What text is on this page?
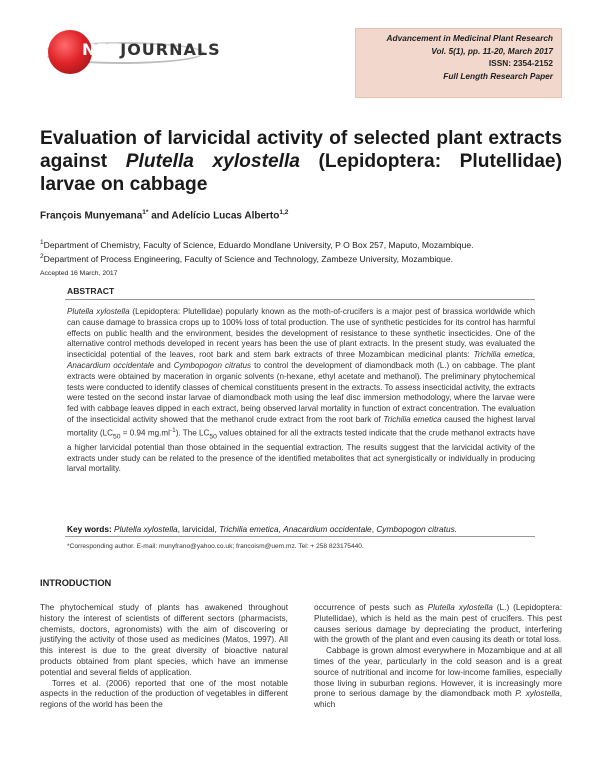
NETJOURNALS
Advancement in Medicinal Plant Research
Vol. 5(1), pp. 11-20, March 2017
ISSN: 2354-2152
Full Length Research Paper
Evaluation of larvicidal activity of selected plant extracts against Plutella xylostella (Lepidoptera: Plutellidae) larvae on cabbage
François Munyemana$^{1*}$ and Adelício Lucas Alberto$^{1,2}$
$^1$Department of Chemistry, Faculty of Science, Eduardo Mondlane University, P O Box 257, Maputo, Mozambique.
$^2$Department of Process Engineering, Faculty of Science and Technology, Zambeze University, Mozambique.
Accepted 16 March, 2017
ABSTRACT
Plutella xylostella (Lepidoptera: Plutellidae) popularly known as the moth-of-crucifers is a major pest of brassica worldwide which can cause damage to brassica crops up to 100% loss of total production. The use of synthetic pesticides for its control has harmful effects on public health and the environment, besides the development of resistance to these synthetic insecticides. One of the alternative control methods developed in recent years has been the use of plant extracts. In the present study, was evaluated the insecticidal potential of the leaves, root bark and stem bark extracts of three Mozambican medicinal plants: Trichilia emetica, Anacardium occidentale and Cymbopogon citratus to control the development of diamondback moth (L.) on cabbage. The plant extracts were obtained by maceration in organic solvents (n-hexane, ethyl acetate and methanol). The preliminary phytochemical tests were conducted to identify classes of chemical constituents present in the extracts. To assess insecticidal activity, the extracts were tested on the second instar larvae of diamondback moth using the leaf disc immersion methodology, where the larvae were fed with cabbage leaves dipped in each extract, being observed larval mortality in function of extract concentration. The evaluation of the insecticidal activity showed that the methanol crude extract from the root bark of Trichilia emetica caused the highest larval mortality ($LC_{50} = 0.94$ $mg.ml^{-1}$). The $LC_{50}$ values obtained for all the extracts tested indicate that the crude methanol extracts have a higher larvicidal potential than those obtained in the sequential extraction. The results suggest that the larvicidal activity of the extracts under study can be related to the presence of the identified metabolites that act synergistically or individually in producing larval mortality.
Key words: Plutella xylostella, larvicidal, Trichilia emetica, Anacardium occidentale, Cymbopogon citratus.
*Corresponding author. E-mail: munyfrano@yahoo.co.uk; francoism@uem.mz. Tel: + 258 823175440.
INTRODUCTION

The phytochemical study of plants has awakened throughout history the interest of scientists of different sectors (pharmacists, chemists, doctors, agronomists) with the aim of discovering or justifying the activity of those used as medicines (Matos, 1997). All this interest is due to the great diversity of bioactive natural products obtained from plant species, which have an immense potential and several fields of application.

Torres et al. (2006) reported that one of the most notable aspects in the reduction of the production of vegetables in different regions of the world has been the

occurrence of pests such as Plutella xylostella (L.) (Lepidoptera: Plutellidae), which is held as the main pest of crucifers. This pest causes serious damage by depreciating the product, interfering with the growth of the plant and even causing its death or total loss.

Cabbage is grown almost everywhere in Mozambique and at all times of the year, particularly in the cold season and is a great source of nutritional and income for low-income families, especially those living in suburban regions. However, it is increasingly more prone to serious damage by the diamondback moth P. xylostella, which
